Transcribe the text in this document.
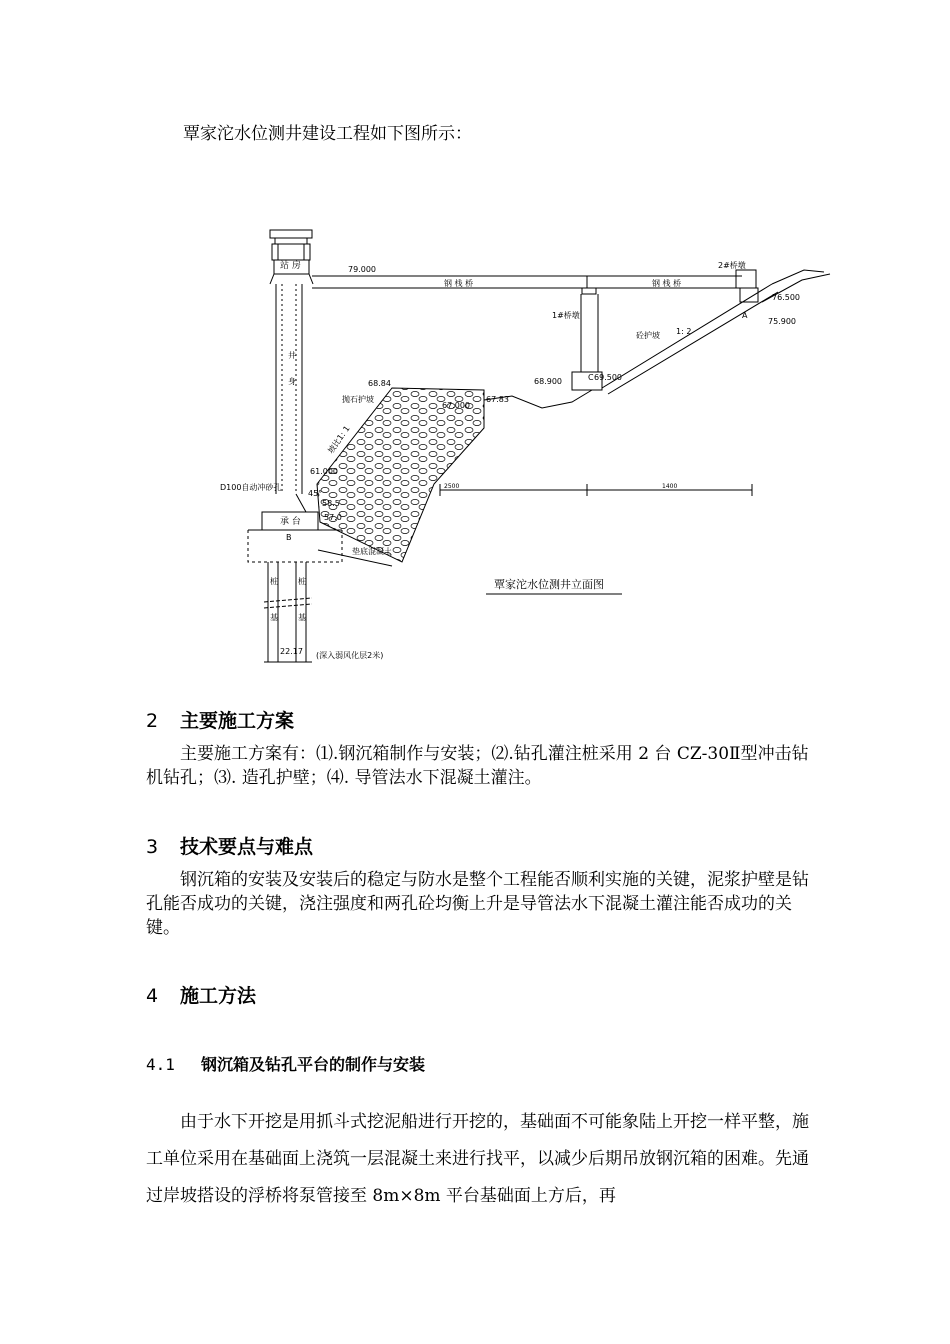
覃家沱水位测井建设工程如下图所示：

站 房	79.000
钢 栈 桥	钢 栈 桥
2#桥墩
76.500
A
75.900
1#桥墩
砼护坡 1: 2
井
身	68.84
抛石护坡	67.83
67.000
68.900	C 69.500
坡比1: 1
61.000
D100自动冲砂孔
45°
2500	1400
58.5
57.0
承 台
B
垫底混凝土
桩	桩
基	基
22.17 (深入弱风化层2米)
覃家沱水位测井立面图
2 主要施工方案

主要施工方案有：⑴.钢沉箱制作与安装；⑵.钻孔灌注桩采用 2 台 CZ-30Ⅱ型冲击钻机钻孔；⑶. 造孔护壁；⑷. 导管法水下混凝土灌注。

3 技术要点与难点

钢沉箱的安装及安装后的稳定与防水是整个工程能否顺利实施的关键，泥浆护壁是钻孔能否成功的关键，浇注强度和两孔砼均衡上升是导管法水下混凝土灌注能否成功的关键。

4 施工方法
4.1 钢沉箱及钻孔平台的制作与安装

由于水下开挖是用抓斗式挖泥船进行开挖的，基础面不可能象陆上开挖一样平整，施工单位采用在基础面上浇筑一层混凝土来进行找平，以减少后期吊放钢沉箱的困难。先通过岸坡搭设的浮桥将泵管接至 8m×8m 平台基础面上方后，再
